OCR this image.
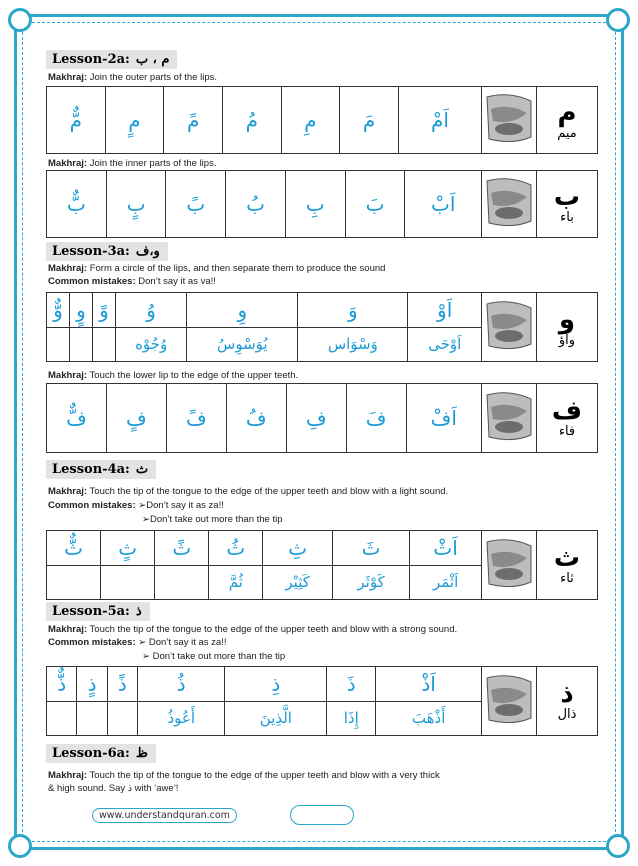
Lesson-2a: م ، ب
Makhraj: Join the outer parts of the lips.
مٌّ	مٍ	مً	مُ	مِ	مَ	اَمْ		م
ميم
Makhraj: Join the inner parts of the lips.
بٌّ	بٍ	بً	بُ	بِ	بَ	اَبْ		ب
باء
Lesson-3a: و،ف
Makhraj: Form a circle of the lips, and then separate them to produce the sound
Common mistakes: Don’t say it as va!!
وٌّ	وٍ	وً	وُ	وِ	وَ	اَوْ		و
واؤ

			وُجُوْه	يُوَسْوِسُ	وَسْوَاس	اَوْحَى		
Makhraj: Touch the lower lip to the edge of the upper teeth.
فٌّ	فٍ	فً	فُ	فِ	فَ	اَفْ		ف
فاء
Lesson-4a: ث
Makhraj: Touch the tip of the tongue to the edge of the upper teeth and blow with a light sound.
Common mistakes: ➢Don’t say it as za!!
➢Don’t take out more than the tip
ثٌّ	ثٍ	ثً	ثُ	ثِ	ثَ	اَثْ		ث
ثاء

			ثُمَّ	كَثِيْر	كَوْثَر	اَثْمَر		
Lesson-5a: ذ
Makhraj: Touch the tip of the tongue to the edge of the upper teeth and blow with a strong sound.
Common mistakes: ➢ Don’t say it as za!!
➢ Don’t take out more than the tip
ذٌّ	ذٍ	ذً	ذُ	ذِ	ذَ	اَذْ		ذ
ذال

			أَعُوذُ	الَّذِينَ	إِذَا	أَذْهَبَ		
Lesson-6a: ظ
Makhraj: Touch the tip of the tongue to the edge of the upper teeth and blow with a very thick
& high sound. Say ذ with ‘awe’!
www.understandquran.com
